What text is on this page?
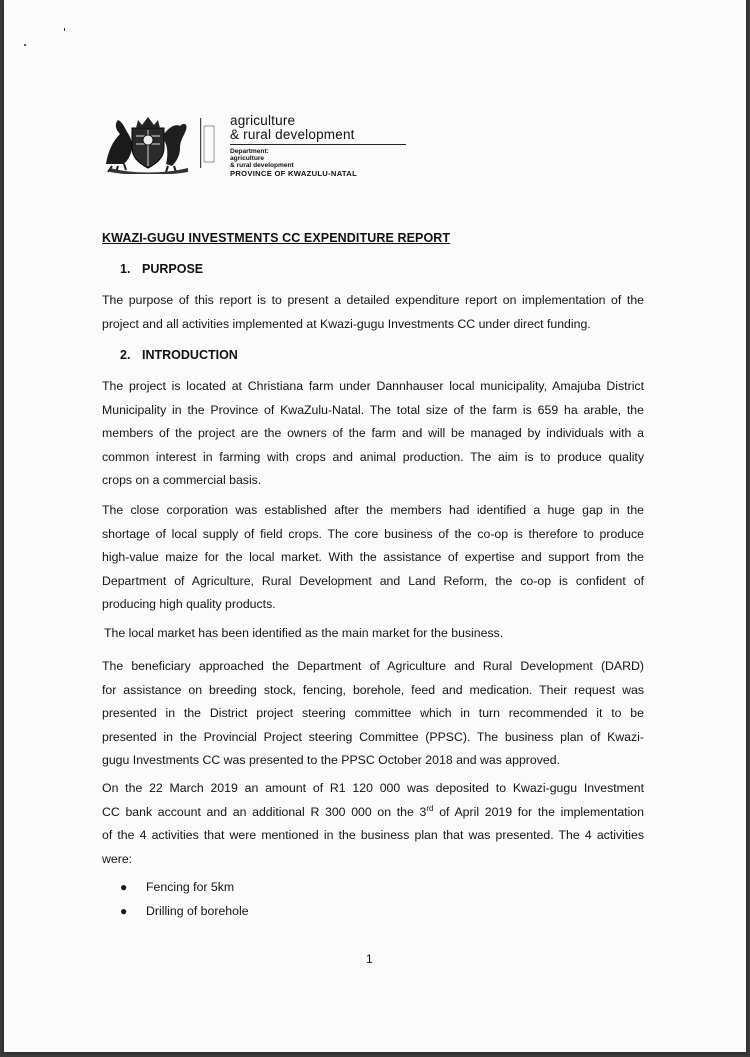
agriculture
& rural development
Department:
agriculture
& rural development
PROVINCE OF KWAZULU-NATAL
KWAZI-GUGU INVESTMENTS CC EXPENDITURE REPORT
1. PURPOSE
The purpose of this report is to present a detailed expenditure report on implementation of the
project and all activities implemented at Kwazi-gugu Investments CC under direct funding.
2. INTRODUCTION
The project is located at Christiana farm under Dannhauser local municipality, Amajuba District
Municipality in the Province of KwaZulu-Natal. The total size of the farm is 659 ha arable, the
members of the project are the owners of the farm and will be managed by individuals with a
common interest in farming with crops and animal production. The aim is to produce quality
crops on a commercial basis.
The close corporation was established after the members had identified a huge gap in the
shortage of local supply of field crops. The core business of the co-op is therefore to produce
high-value maize for the local market. With the assistance of expertise and support from the
Department of Agriculture, Rural Development and Land Reform, the co-op is confident of
producing high quality products.
The local market has been identified as the main market for the business.
The beneficiary approached the Department of Agriculture and Rural Development (DARD)
for assistance on breeding stock, fencing, borehole, feed and medication. Their request was
presented in the District project steering committee which in turn recommended it to be
presented in the Provincial Project steering Committee (PPSC). The business plan of Kwazi-
gugu Investments CC was presented to the PPSC October 2018 and was approved.
On the 22 March 2019 an amount of R1 120 000 was deposited to Kwazi-gugu Investment
CC bank account and an additional R 300 000 on the 3rd of April 2019 for the implementation
of the 4 activities that were mentioned in the business plan that was presented. The 4 activities
were:
●	Fencing for 5km
●	Drilling of borehole
1
